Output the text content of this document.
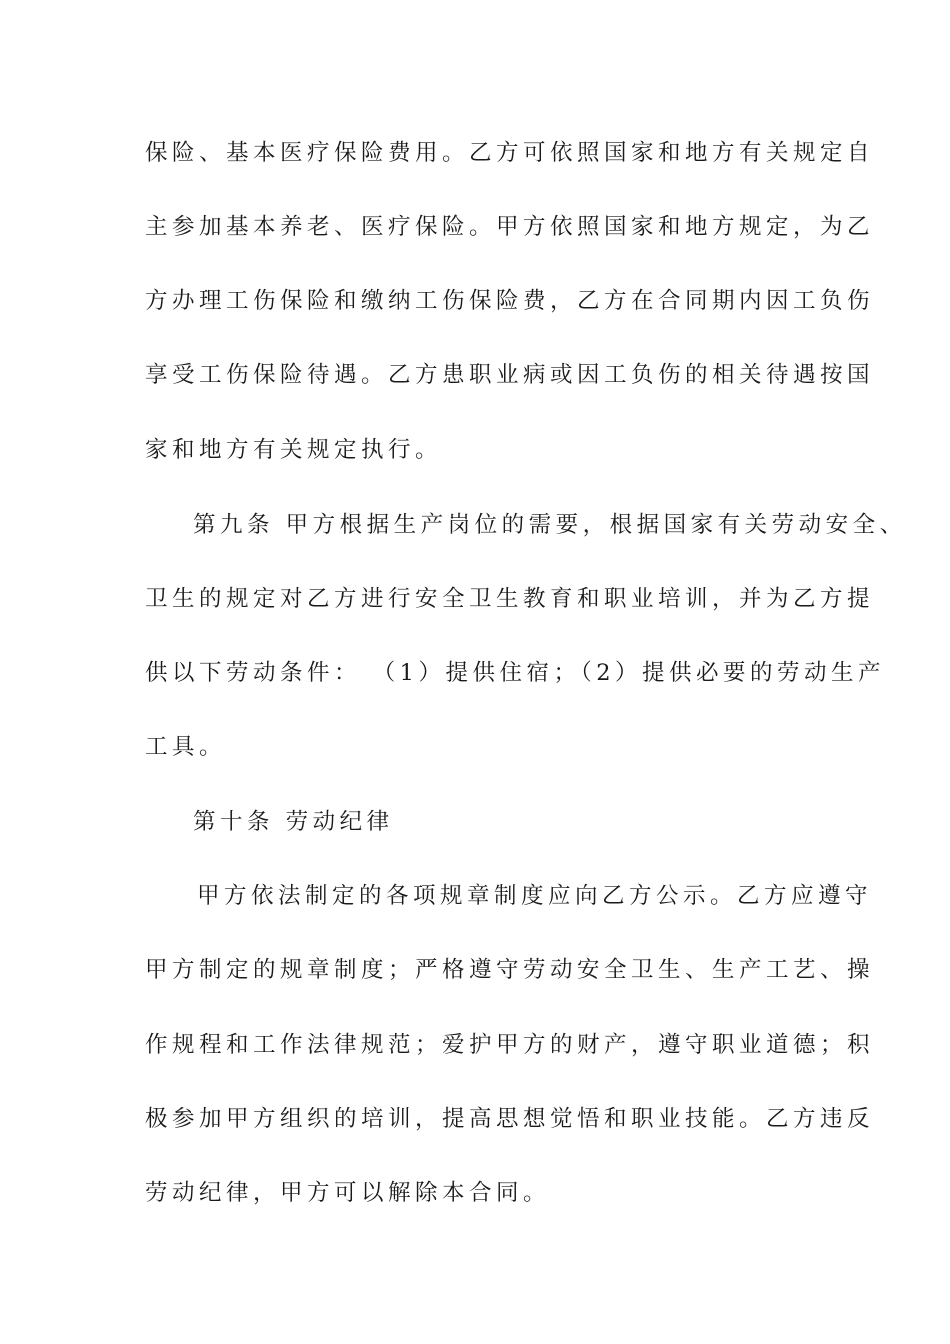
保险、基本医疗保险费用。乙方可依照国家和地方有关规定自
主参加基本养老、医疗保险。甲方依照国家和地方规定，为乙
方办理工伤保险和缴纳工伤保险费，乙方在合同期内因工负伤
享受工伤保险待遇。乙方患职业病或因工负伤的相关待遇按国
家和地方有关规定执行。
第九条 甲方根据生产岗位的需要，根据国家有关劳动安全、
卫生的规定对乙方进行安全卫生教育和职业培训，并为乙方提
供以下劳动条件： （1）提供住宿；（2）提供必要的劳动生产
工具。
第十条 劳动纪律
甲方依法制定的各项规章制度应向乙方公示。乙方应遵守
甲方制定的规章制度；严格遵守劳动安全卫生、生产工艺、操
作规程和工作法律规范；爱护甲方的财产，遵守职业道德；积
极参加甲方组织的培训，提高思想觉悟和职业技能。乙方违反
劳动纪律，甲方可以解除本合同。
